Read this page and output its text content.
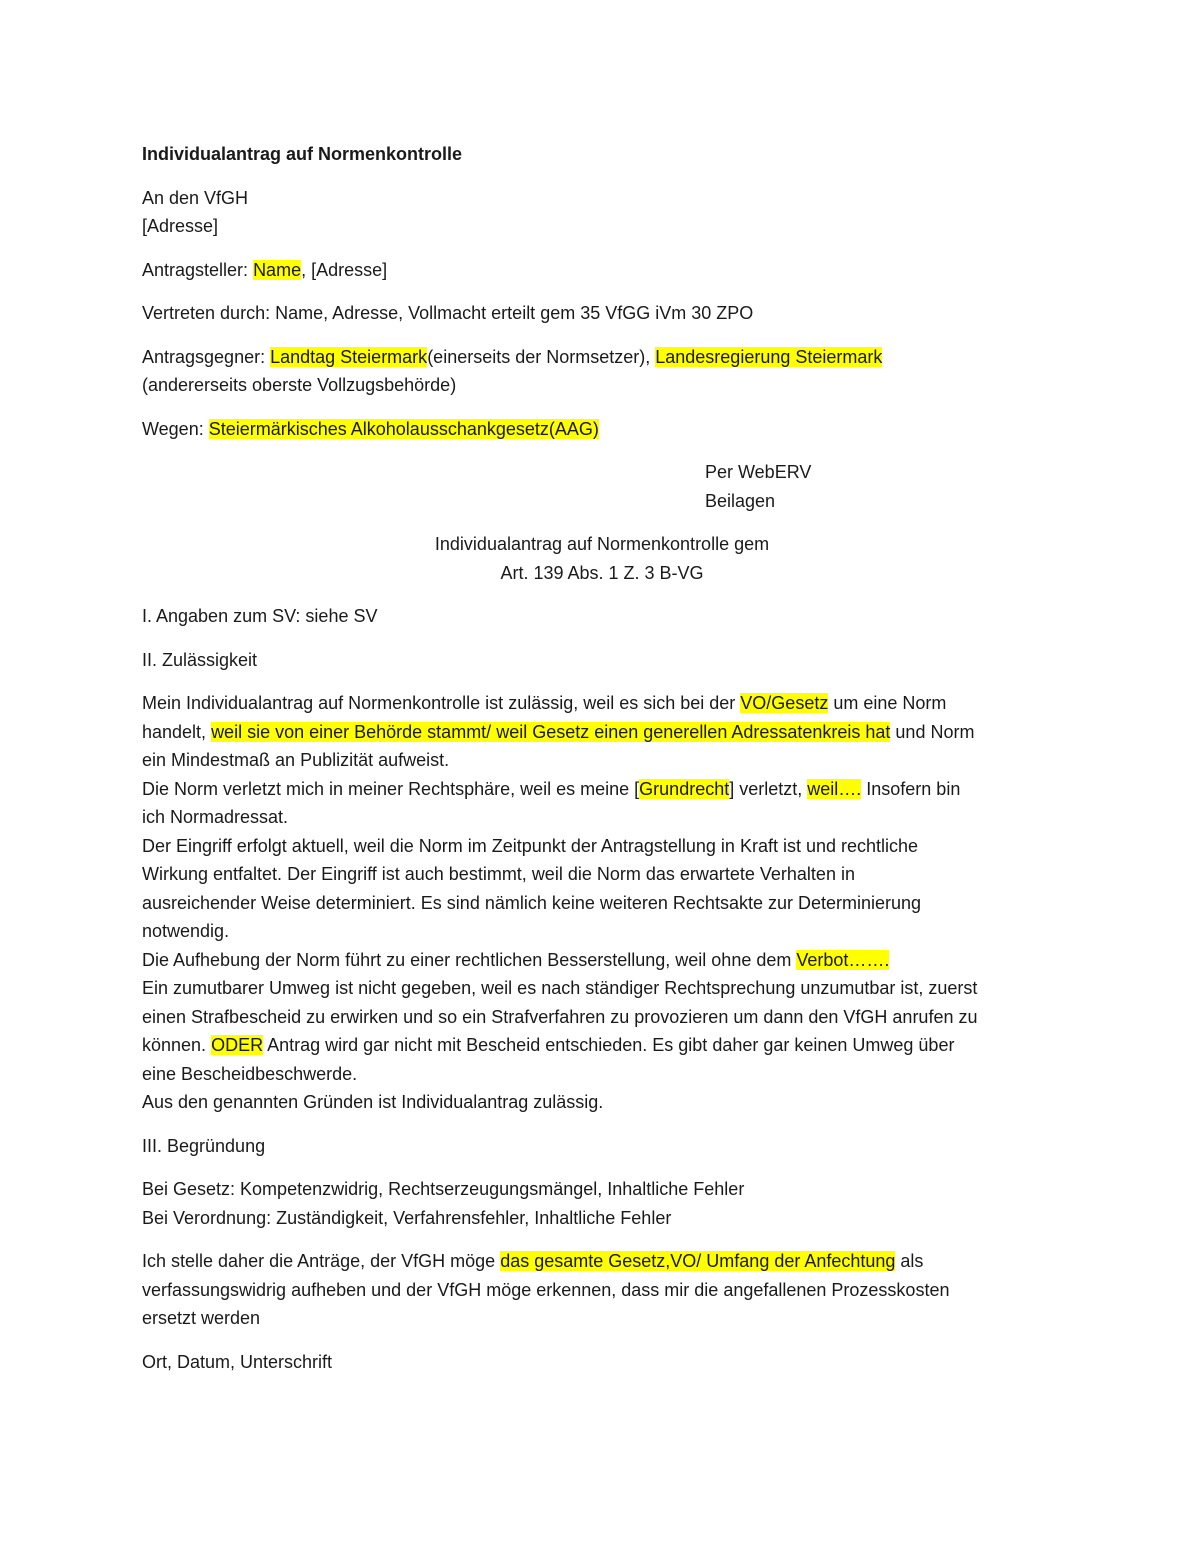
Individualantrag auf Normenkontrolle
An den VfGH
[Adresse]
Antragsteller: Name, [Adresse]
Vertreten durch: Name, Adresse, Vollmacht erteilt gem 35 VfGG iVm 30 ZPO
Antragsgegner: Landtag Steiermark(einerseits der Normsetzer), Landesregierung Steiermark
(andererseits oberste Vollzugsbehörde)
Wegen: Steiermärkisches Alkoholausschankgesetz(AAG)
Per WebERV
Beilagen
Individualantrag auf Normenkontrolle gem
Art. 139 Abs. 1 Z. 3 B-VG
I. Angaben zum SV: siehe SV
II. Zulässigkeit
Mein Individualantrag auf Normenkontrolle ist zulässig, weil es sich bei der VO/Gesetz um eine Norm
handelt, weil sie von einer Behörde stammt/ weil Gesetz einen generellen Adressatenkreis hat und Norm
ein Mindestmaß an Publizität aufweist.
Die Norm verletzt mich in meiner Rechtsphäre, weil es meine [Grundrecht] verletzt, weil…. Insofern bin
ich Normadressat.
Der Eingriff erfolgt aktuell, weil die Norm im Zeitpunkt der Antragstellung in Kraft ist und rechtliche
Wirkung entfaltet. Der Eingriff ist auch bestimmt, weil die Norm das erwartete Verhalten in
ausreichender Weise determiniert. Es sind nämlich keine weiteren Rechtsakte zur Determinierung
notwendig.
Die Aufhebung der Norm führt zu einer rechtlichen Besserstellung, weil ohne dem Verbot…….
Ein zumutbarer Umweg ist nicht gegeben, weil es nach ständiger Rechtsprechung unzumutbar ist, zuerst
einen Strafbescheid zu erwirken und so ein Strafverfahren zu provozieren um dann den VfGH anrufen zu
können. ODER Antrag wird gar nicht mit Bescheid entschieden. Es gibt daher gar keinen Umweg über
eine Bescheidbeschwerde.
Aus den genannten Gründen ist Individualantrag zulässig.
III. Begründung
Bei Gesetz: Kompetenzwidrig, Rechtserzeugungsmängel, Inhaltliche Fehler
Bei Verordnung: Zuständigkeit, Verfahrensfehler, Inhaltliche Fehler
Ich stelle daher die Anträge, der VfGH möge das gesamte Gesetz,VO/ Umfang der Anfechtung als
verfassungswidrig aufheben und der VfGH möge erkennen, dass mir die angefallenen Prozesskosten
ersetzt werden
Ort, Datum, Unterschrift
